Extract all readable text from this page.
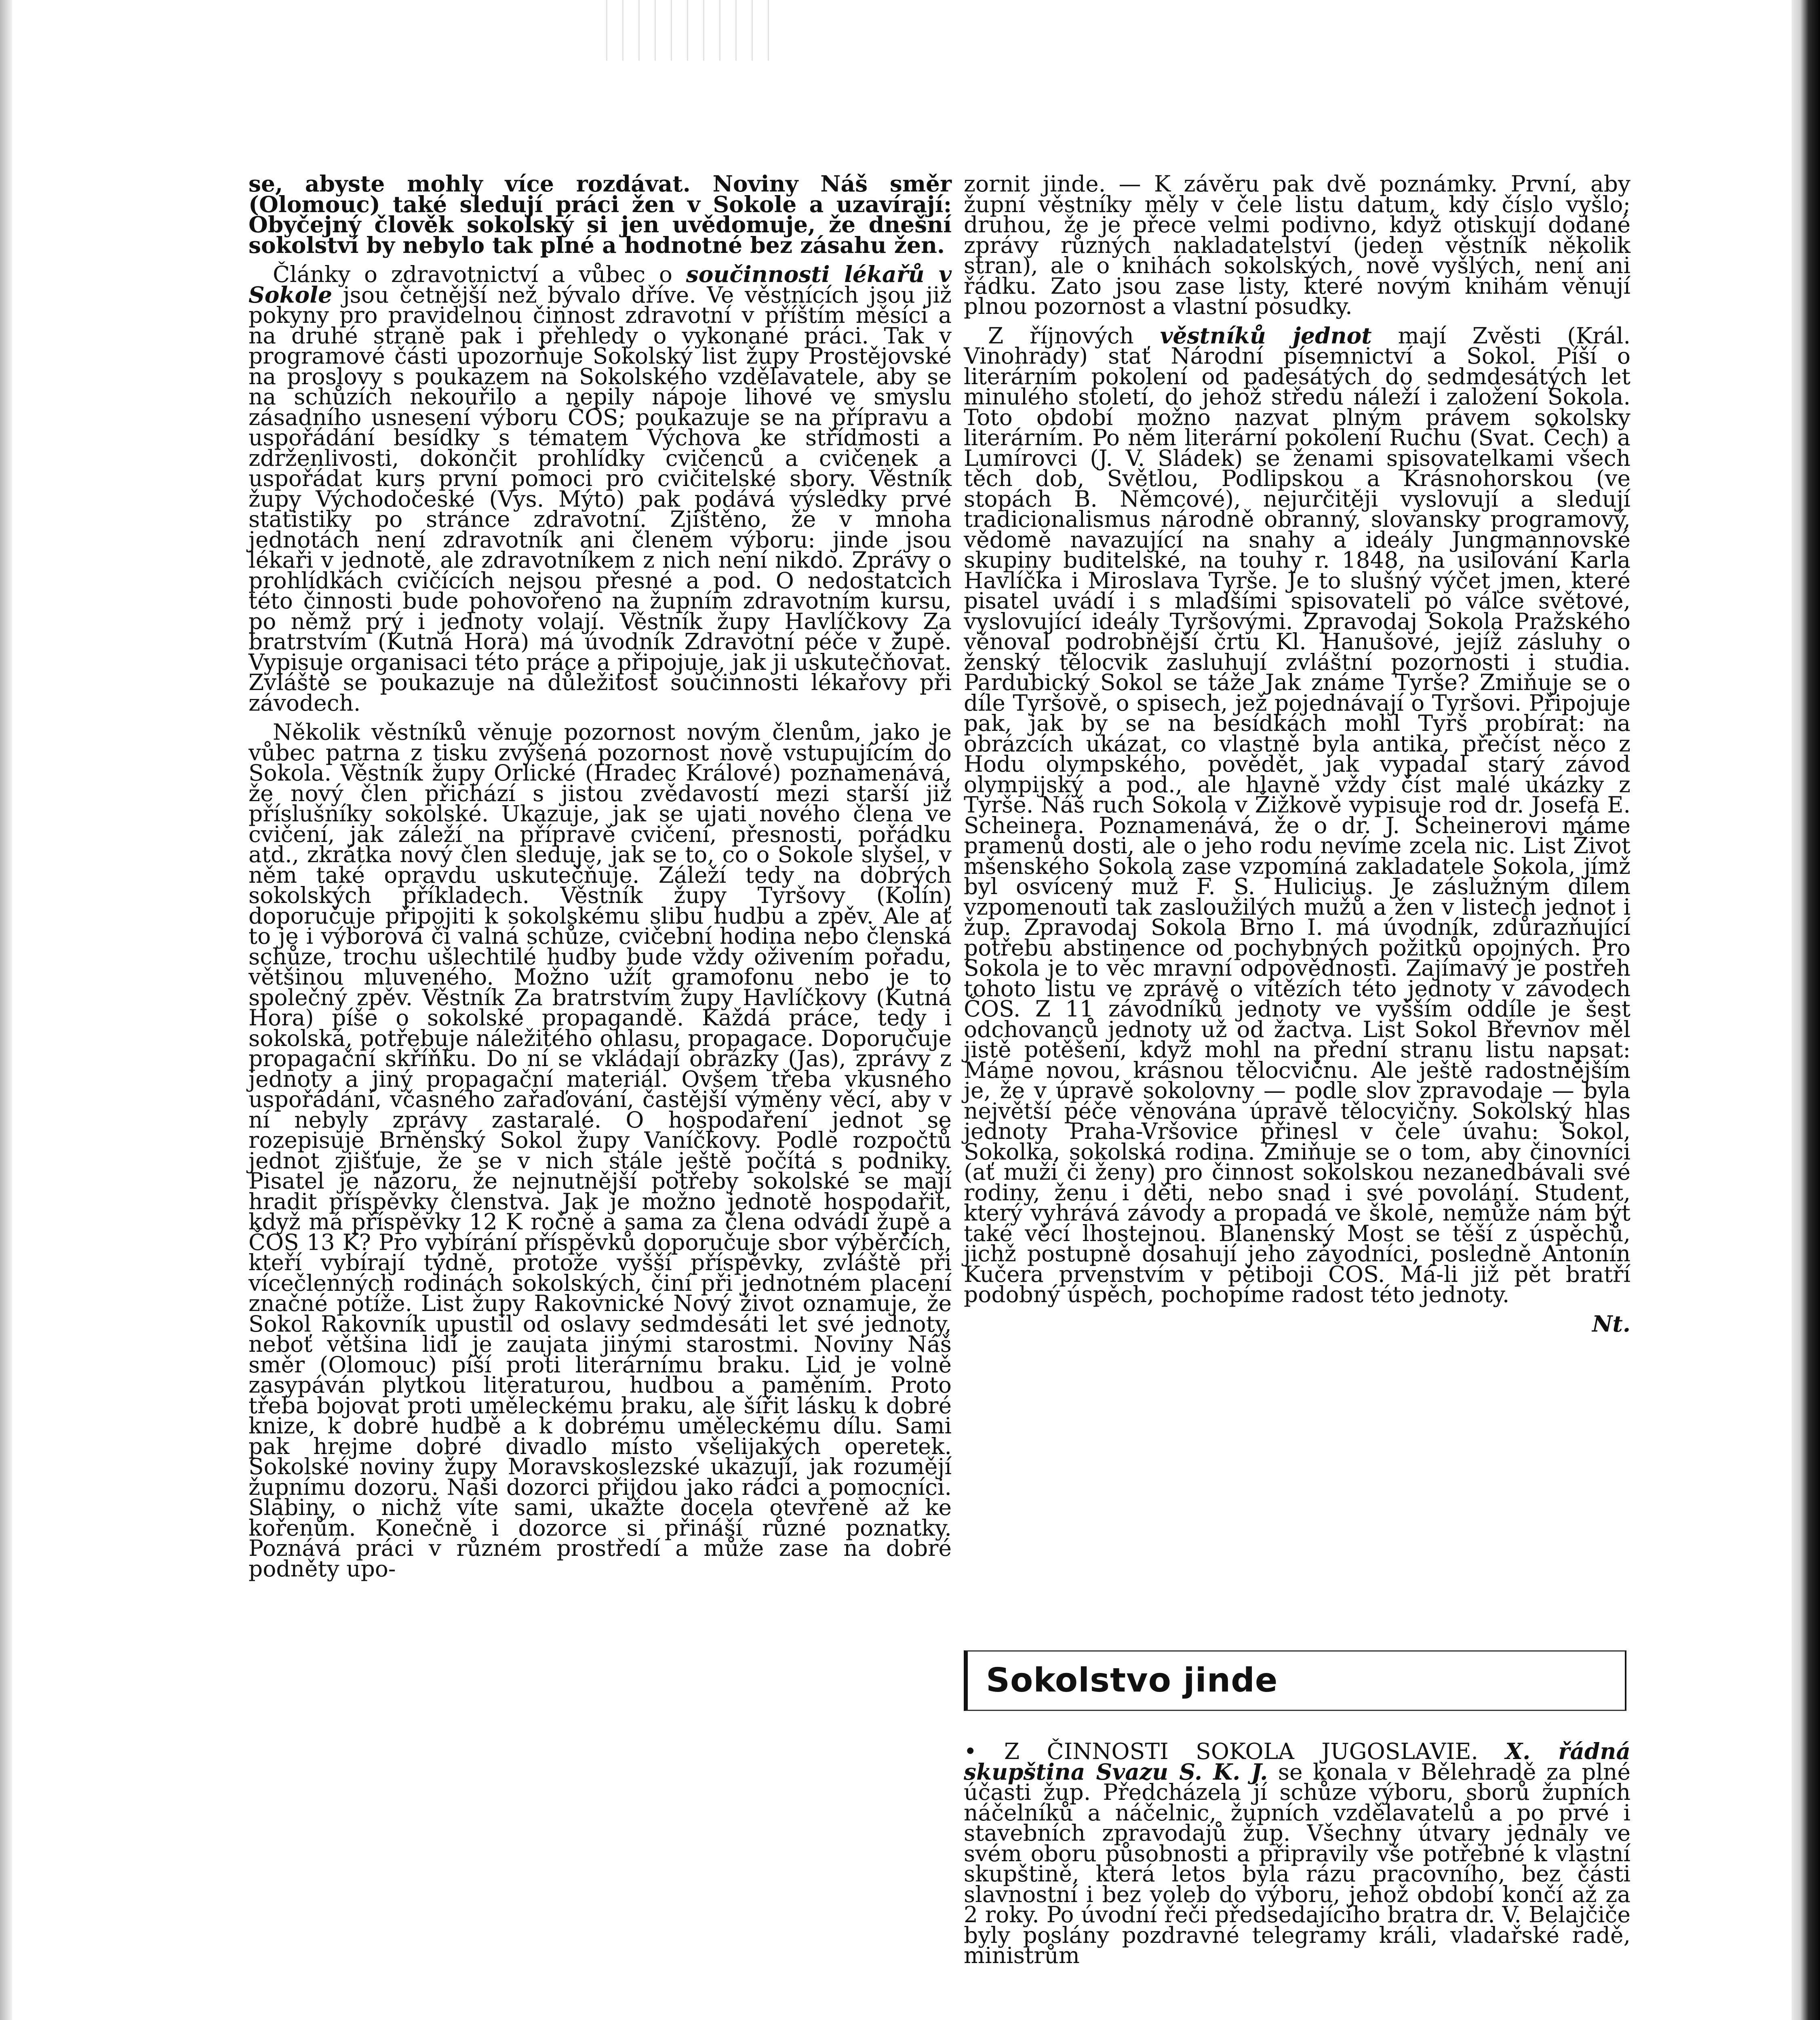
se, abyste mohly více rozdávat. Noviny Náš směr (Olomouc) také sledují práci žen v Sokole a uzavírají: Obyčejný člověk sokolský si jen uvědomuje, že dnešní sokolství by nebylo tak plné a hodnotné bez zásahu žen.

Články o zdravotnictví a vůbec o součinnosti lékařů v Sokole jsou četnější než bývalo dříve. Ve věstnících jsou již pokyny pro pravidelnou činnost zdravotní v příštím měsíci a na druhé straně pak i přehledy o vykonané práci. Tak v programové části upozorňuje Sokolský list župy Prostějovské na proslovy s poukazem na Sokolského vzdělavatele, aby se na schůzích nekouřilo a nepily nápoje lihové ve smyslu zásadního usnesení výboru ČOS; poukazuje se na přípravu a uspořádání besídky s tématem Výchova ke střídmosti a zdrženlivosti, dokončit prohlídky cvičenců a cvičenek a uspořádat kurs první pomoci pro cvičitelské sbory. Věstník župy Východočeské (Vys. Mýto) pak podává výsledky prvé statistiky po stránce zdravotní. Zjištěno, že v mnoha jednotách není zdravotník ani členem výboru: jinde jsou lékaři v jednotě, ale zdravotníkem z nich není nikdo. Zprávy o prohlídkách cvičících nejsou přesné a pod. O nedostatcích této činnosti bude pohovořeno na župním zdravotním kursu, po němž prý i jednoty volají. Věstník župy Havlíčkovy Za bratrstvím (Kutná Hora) má úvodník Zdravotní péče v župě. Vypisuje organisaci této práce a připojuje, jak ji uskutečňovat. Zvláště se poukazuje na důležitost součinnosti lékařovy při závodech.

Několik věstníků věnuje pozornost novým členům, jako je vůbec patrna z tisku zvýšená pozornost nově vstupujícím do Sokola. Věstník župy Orlické (Hradec Králové) poznamenává, že nový člen přichází s jistou zvědavostí mezi starší již příslušníky sokolské. Ukazuje, jak se ujati nového člena ve cvičení, jak záleží na přípravě cvičení, přesnosti, pořádku atd., zkrátka nový člen sleduje, jak se to, co o Sokole slyšel, v něm také opravdu uskutečňuje. Záleží tedy na dobrých sokolských příkladech. Věstník župy Tyršovy (Kolín) doporučuje připojiti k sokolskému slibu hudbu a zpěv. Ale ať to je i výborová či valná schůze, cvičební hodina nebo členská schůze, trochu ušlechtilé hudby bude vždy oživením pořadu, většinou mluveného. Možno užít gramofonu nebo je to společný zpěv. Věstník Za bratrstvím župy Havlíčkovy (Kutná Hora) píše o sokolské propagandě. Každá práce, tedy i sokolská, potřebuje náležitého ohlasu, propagace. Doporučuje propagační skříňku. Do ní se vkládají obrázky (Jas), zprávy z jednoty a jiný propagační materiál. Ovšem třeba vkusného uspořádání, včasného zařaďování, častější výměny věcí, aby v ní nebyly zprávy zastaralé. O hospodaření jednot se rozepisuje Brněnský Sokol župy Vaníčkovy. Podle rozpočtů jednot zjišťuje, že se v nich stále ještě počítá s podniky. Pisatel je názoru, že nejnutnější potřeby sokolské se mají hradit příspěvky členstva. Jak je možno jednotě hospodařit, když má příspěvky 12 K ročně a sama za člena odvádí župě a ČOS 13 K? Pro vybírání příspěvků doporučuje sbor výběrčích, kteří vybírají týdně, protože vyšší příspěvky, zvláště při vícečlenných rodinách sokolských, činí při jednotném placení značné potíže. List župy Rakovnické Nový život oznamuje, že Sokol Rakovník upustil od oslavy sedmdesáti let své jednoty, neboť většina lidí je zaujata jinými starostmi. Noviny Náš směr (Olomouc) píší proti literárnímu braku. Lid je volně zasypáván plytkou literaturou, hudbou a paměním. Proto třeba bojovat proti uměleckému braku, ale šířit lásku k dobré knize, k dobré hudbě a k dobrému uměleckému dílu. Sami pak hrejme dobré divadlo místo všelijakých operetek. Sokolské noviny župy Moravskoslezské ukazují, jak rozumějí župnímu dozoru. Naši dozorci přijdou jako rádci a pomocníci. Slabiny, o nichž víte sami, ukažte docela otevřeně až ke kořenům. Konečně i dozorce si přináší různé poznatky. Poznává práci v různém prostředí a může zase na dobré podněty upo-

zornit jinde. — K závěru pak dvě poznámky. První, aby župní věstníky měly v čele listu datum, kdy číslo vyšlo; druhou, že je přece velmi podivno, když otiskují dodané zprávy různých nakladatelství (jeden věstník několik stran), ale o knihách sokolských, nově vyšlých, není ani řádku. Zato jsou zase listy, které novým knihám věnují plnou pozornost a vlastní posudky.

Z říjnových věstníků jednot mají Zvěsti (Král. Vinohrady) stať Národní písemnictví a Sokol. Píší o literárním pokolení od padesátých do sedmdesátých let minulého století, do jehož středu náleží i založení Sokola. Toto období možno nazvat plným právem sokolsky literárním. Po něm literární pokolení Ruchu (Svat. Čech) a Lumírovci (J. V. Sládek) se ženami spisovatelkami všech těch dob, Světlou, Podlipskou a Krásnohorskou (ve stopách B. Němcové), nejurčitěji vyslovují a sledují tradicionalismus národně obranný, slovansky programový, vědomě navazující na snahy a ideály Jungmannovské skupiny buditelské, na touhy r. 1848, na usilování Karla Havlíčka i Miroslava Tyrše. Je to slušný výčet jmen, které pisatel uvádí i s mladšími spisovateli po válce světové, vyslovující ideály Tyršovými. Zpravodaj Sokola Pražského věnoval podrobnější črtu Kl. Hanušové, jejíž zásluhy o ženský tělocvik zasluhují zvláštní pozornosti i studia. Pardubický Sokol se táže Jak známe Tyrše? Zmiňuje se o díle Tyršově, o spisech, jež pojednávají o Tyršovi. Připojuje pak, jak by se na besídkách mohl Tyrš probírat: na obrázcích ukázat, co vlastně byla antika, přečíst něco z Hodu olympského, povědět, jak vypadal starý závod olympijský a pod., ale hlavně vždy číst malé ukázky z Tyrše. Náš ruch Sokola v Žižkově vypisuje rod dr. Josefa E. Scheinera. Poznamenává, že o dr. J. Scheinerovi máme pramenů dosti, ale o jeho rodu nevíme zcela nic. List Život mšenského Sokola zase vzpomíná zakladatele Sokola, jímž byl osvícený muž F. S. Hulicius. Je záslužným dílem vzpomenouti tak zasloužilých mužů a žen v listech jednot i žup. Zpravodaj Sokola Brno I. má úvodník, zdůrazňující potřebu abstinence od pochybných požitků opojných. Pro Sokola je to věc mravní odpovědnosti. Zajímavý je postřeh tohoto listu ve zprávě o vítězích této jednoty v závodech ČOS. Z 11 závodníků jednoty ve vyšším oddíle je šest odchovanců jednoty už od žactva. List Sokol Břevnov měl jistě potěšení, když mohl na přední stranu listu napsat: Máme novou, krásnou tělocvičnu. Ale ještě radostnějším je, že v úpravě sokolovny — podle slov zpravodaje — byla největší péče věnována úpravě tělocvičny. Sokolský hlas jednoty Praha-Vršovice přinesl v čele úvahu: Sokol, Sokolka, sokolská rodina. Zmiňuje se o tom, aby činovníci (ať muži či ženy) pro činnost sokolskou nezanedbávali své rodiny, ženu i děti, nebo snad i své povolání. Student, který vyhrává závody a propadá ve škole, nemůže nám být také věcí lhostejnou. Blanenský Most se těší z úspěchů, jichž postupně dosahují jeho závodníci, posledně Antonín Kučera prvenstvím v pětiboji ČOS. Má-li již pět bratří podobný úspěch, pochopíme radost této jednoty.

Nt.

Sokolstvo jinde

• Z ČINNOSTI SOKOLA JUGOSLAVIE. X. řádná skupština Svazu S. K. J. se konala v Bělehradě za plné účasti žup. Předcházela jí schůze výboru, sborů župních náčelníků a náčelnic, župních vzdělavatelů a po prvé i stavebních zpravodajů žup. Všechny útvary jednaly ve svém oboru působnosti a připravily vše potřebné k vlastní skupštině, která letos byla rázu pracovního, bez části slavnostní i bez voleb do výboru, jehož období končí až za 2 roky. Po úvodní řeči předsedajícího bratra dr. V. Belajčiče byly poslány pozdravné telegramy králi, vladařské radě, ministrům
